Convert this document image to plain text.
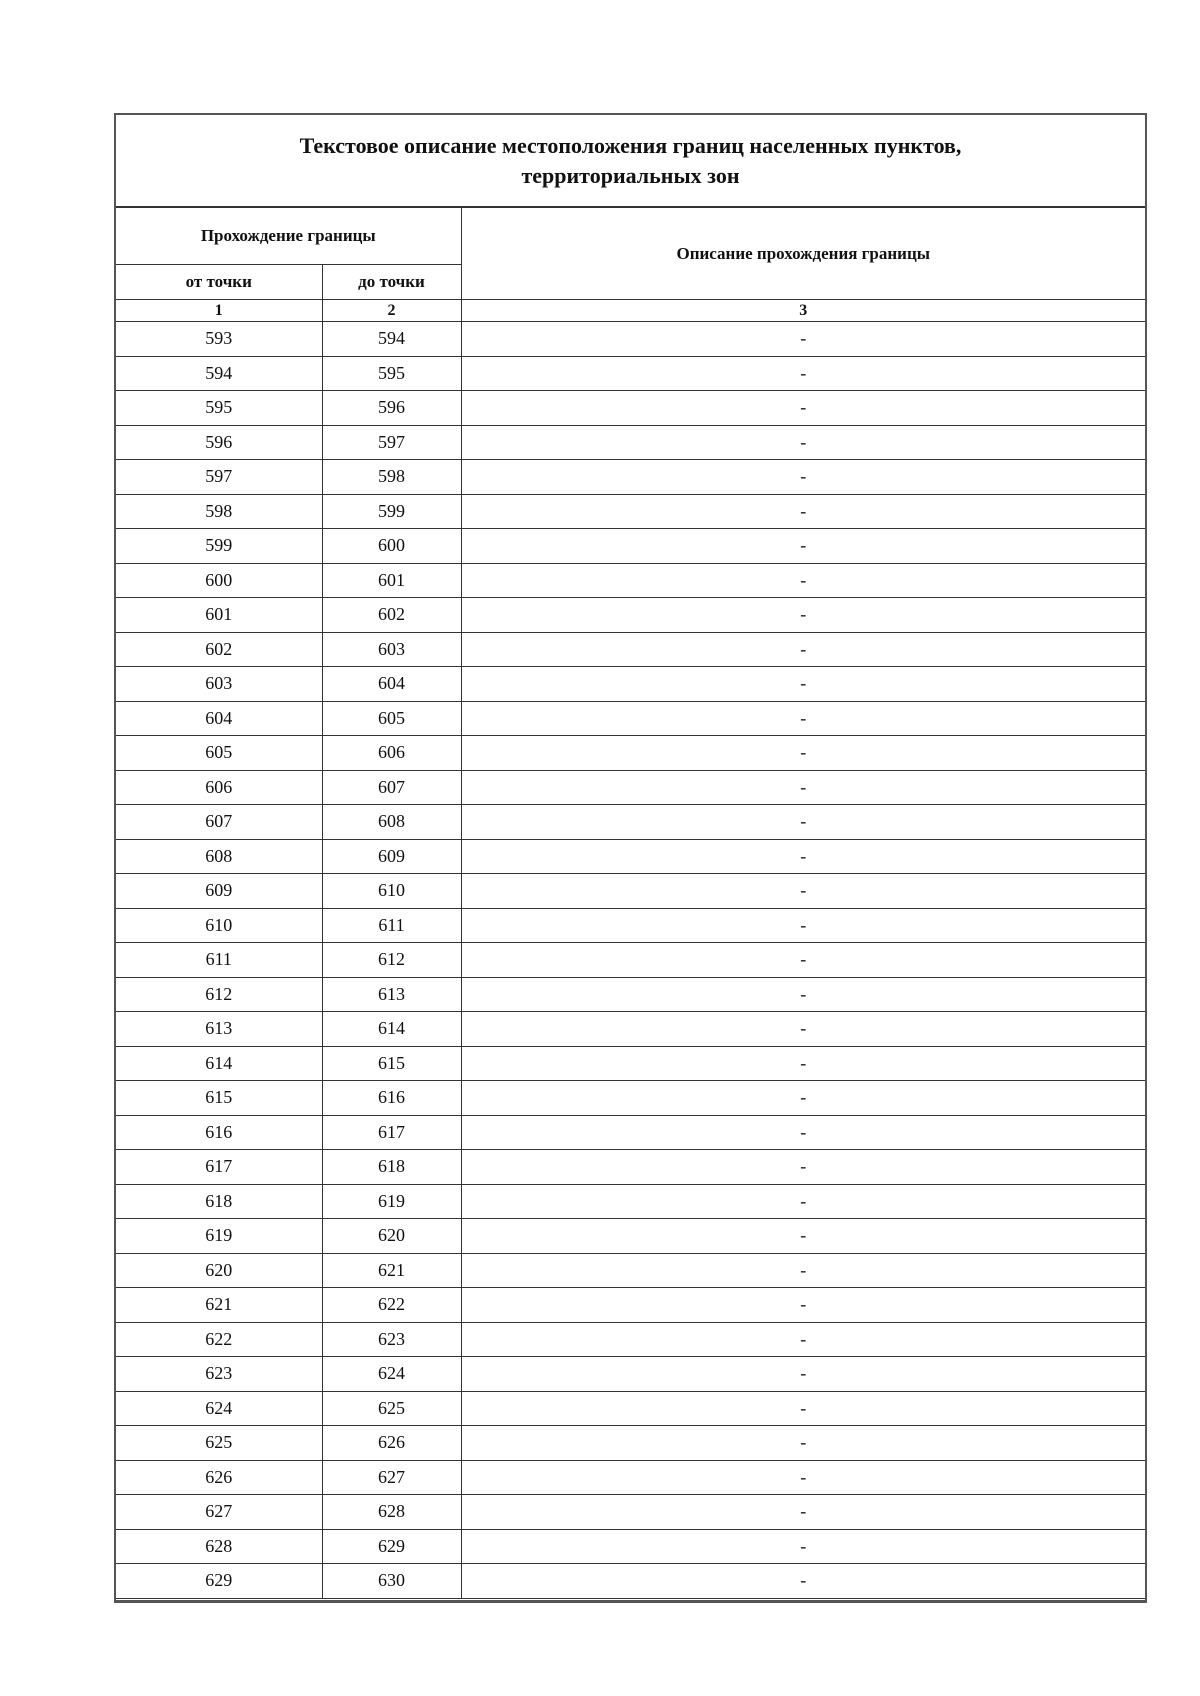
Текстовое описание местоположения границ населенных пунктов,
территориальных зон
Прохождение границы		Описание прохождения границы
от точки	до точки	
1	2	3
593	594	-
594	595	-
595	596	-
596	597	-
597	598	-
598	599	-
599	600	-
600	601	-
601	602	-
602	603	-
603	604	-
604	605	-
605	606	-
606	607	-
607	608	-
608	609	-
609	610	-
610	611	-
611	612	-
612	613	-
613	614	-
614	615	-
615	616	-
616	617	-
617	618	-
618	619	-
619	620	-
620	621	-
621	622	-
622	623	-
623	624	-
624	625	-
625	626	-
626	627	-
627	628	-
628	629	-
629	630	-
